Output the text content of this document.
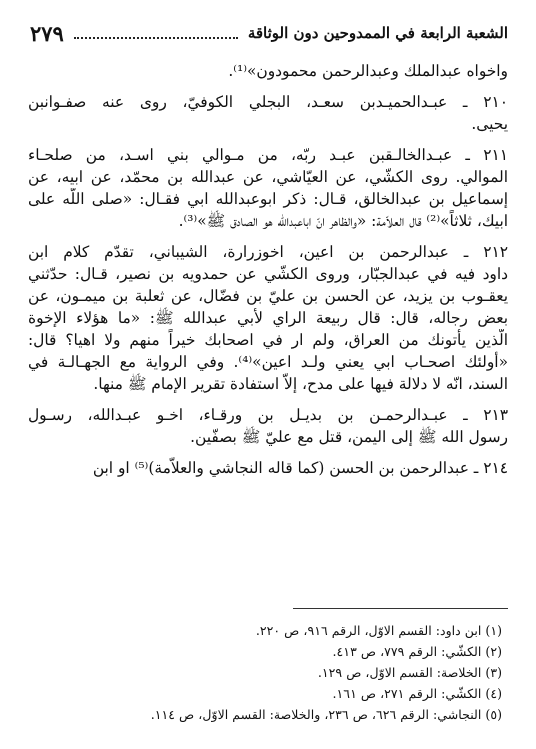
الشعبة الرابعة في الممدوحين دون الوثاقة
٢٧٩
واخواه عبدالملك وعبدالرحمن محمودون»⁽¹⁾.
٢١٠ ـ عبـدالحميـدبن سعـد، البجلي الكوفيّ، روى عنه صفـوانبن
يحيى.
٢١١ ـ عبـدالخالـقبن عبـد ربّه، من مـوالي بني اسـد، من صلحـاء
الموالي. روى الكشّي، عن العيّاشي، عن عبدالله بن محمّد، عن ابيه، عن
إسماعيل بن عبدالخالق، قـال: ذكر ابوعبدالله ابي فقـال: «صلى اللّه على
ابيك، ثلاثاً»⁽²⁾ قال العلاّمة: «والظاهر انّ اباعبدالله هو الصادق ﷺ»⁽³⁾.
٢١٢ ـ عبدالرحمن بن اعين، اخوزرارة، الشيباني، تقدّم كلام ابن
داود فيه في عبدالجبّار، وروى الكشّي عن حمدويه بن نصير، قـال: حدّثني
يعقـوب بن يزيد، عن الحسن بن عليّ بن فضّال، عن ثعلبة بن ميمـون، عن
بعض رجاله، قال: قال ربيعة الراي لأبي عبدالله ﷺ: «ما هؤلاء الإخوة
الّذين يأتونك من العراق، ولم ار في اصحابك خيراً منهم ولا اهيا؟ قال:
«أولئك اصحـاب ابي يعني ولـد اعين»⁽⁴⁾. وفي الرواية مع الجهـالـة في
السند، انّه لا دلالة فيها على مدح، إلاّ استفادة تقرير الإمام ﷺ منها.
٢١٣ ـ عبـدالرحمـن بن بديـل بن ورقـاء، اخـو عبـدالله، رسـول
رسول الله ﷺ إلى اليمن، قتل مع عليّ ﷺ بصفّين.
٢١٤ ـ عبدالرحمن بن الحسن (كما قاله النجاشي والعلاّمة)⁽⁵⁾ او ابن
(١) ابن داود: القسم الاوّل، الرقم ٩١٦، ص ٢٢٠.
(٢) الكشّي: الرقم ٧٧٩، ص ٤١٣.
(٣) الخلاصة: القسم الاوّل، ص ١٢٩.
(٤) الكشّي: الرقم ٢٧١، ص ١٦١.
(٥) النجاشي: الرقم ٦٢٦، ص ٢٣٦، والخلاصة: القسم الاوّل، ص ١١٤.
